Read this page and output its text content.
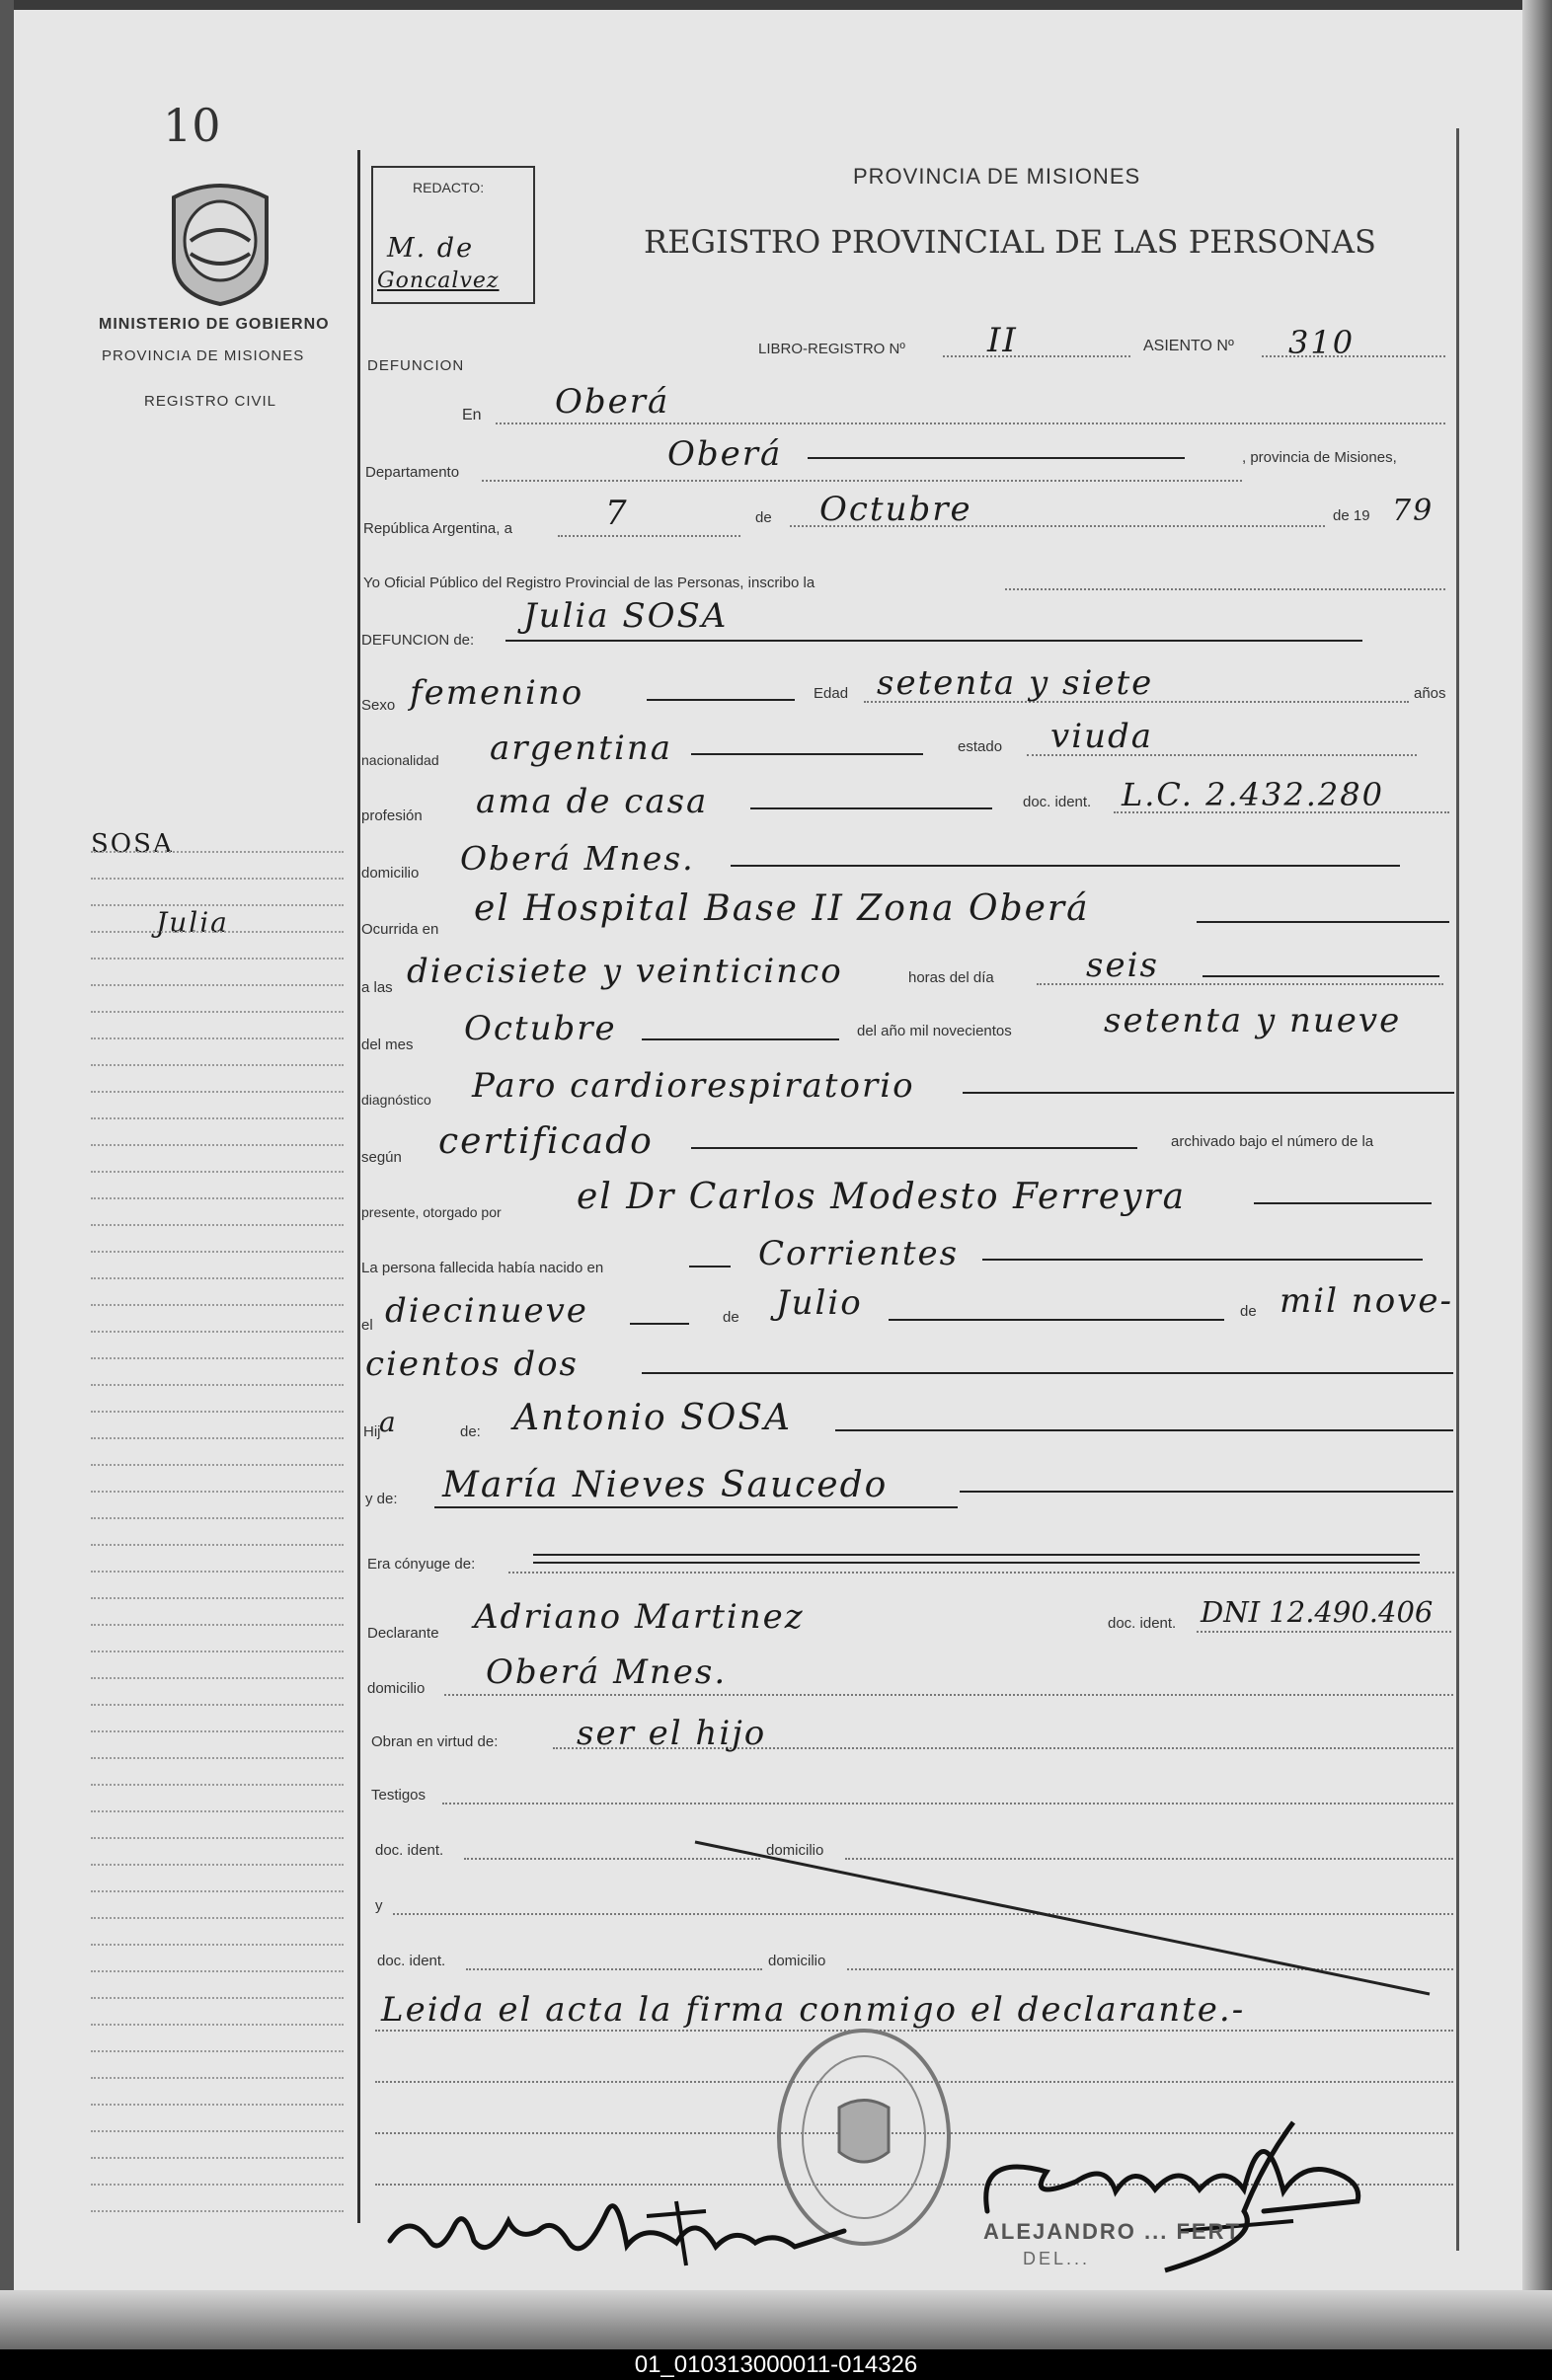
10
MINISTERIO DE GOBIERNO
PROVINCIA DE MISIONES
REGISTRO CIVIL
REDACTO:
M. de
Goncalvez
PROVINCIA DE MISIONES
REGISTRO PROVINCIAL DE LAS PERSONAS
SOSA
Julia
DEFUNCION
LIBRO-REGISTRO Nº II	ASIENTO Nº 310
En Oberá
Departamento	Oberá	, provincia de Misiones,
República Argentina, a	7	de Octubre	de 19 79
Yo Oficial Público del Registro Provincial de las Personas, inscribo la
DEFUNCION de:
Julia SOSA
Sexo femenino	Edad setenta y siete	años
nacionalidad argentina	estado viuda
profesión ama de casa	doc. ident. L.C. 2.432.280
domicilio Oberá Mnes.
Ocurrida en
el Hospital Base II Zona Oberá
a las diecisiete y veinticinco	horas del día	seis
del mes Octubre	del año mil novecientos	setenta y nueve
diagnóstico Paro cardiorespiratorio
según certificado	archivado bajo el número de la
presente, otorgado por el Dr Carlos Modesto Ferreyra
La persona fallecida había nacido en	Corrientes
el diecinueve	de Julio	de mil nove-
cientos dos
Hij
a	de: Antonio SOSA
y de: María Nieves Saucedo
Era cónyuge de:
Declarante Adriano Martinez	doc. ident. DNI 12.490.406
domicilio Oberá Mnes.
Obran en virtud de: ser el hijo
Testigos
doc. ident.	domicilio
y
doc. ident.	domicilio
Leida el acta la firma conmigo el declarante.-
ALEJANDRO ... FERT
DEL...
01_010313000011-014326
